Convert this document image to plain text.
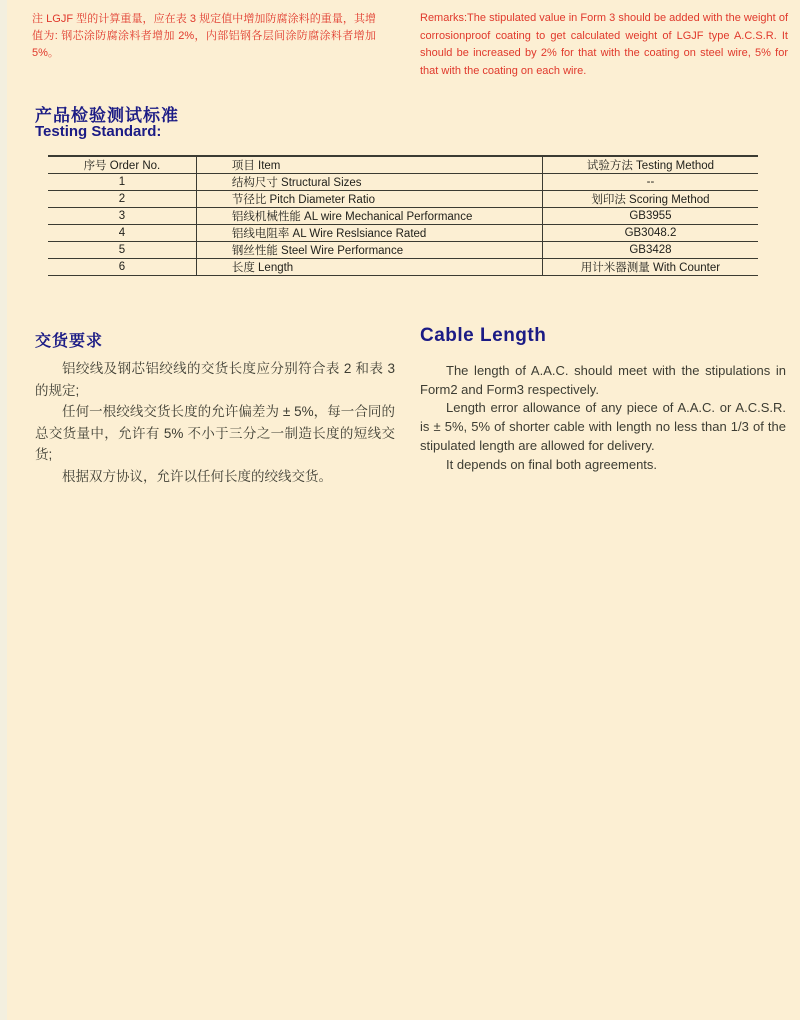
注 LGJF 型的计算重量，应在表 3 规定值中增加防腐涂料的重量，其增值为: 钢芯涂防腐涂料者增加 2%，内部铝钢各层间涂防腐涂料者增加 5%。
Remarks:The stipulated value in Form 3 should be added with the weight of corrosionproof coating to get calculated weight of LGJF type A.C.S.R. It should be increased by 2% for that with the coating on steel wire, 5% for that with the coating on each wire.
产品检验测试标准
Testing Standard:
序号 Order No.	项目 Item	试验方法 Testing Method
1	结构尺寸 Structural Sizes	--
2	节径比 Pitch Diameter Ratio	划印法 Scoring Method
3	铝线机械性能 AL wire Mechanical Performance	GB3955
4	铝线电阻率 AL Wire Reslsiance Rated	GB3048.2
5	钢丝性能 Steel Wire Performance	GB3428
6	长度 Length	用计米器测量 With Counter
交货要求

铝绞线及钢芯铝绞线的交货长度应分别符合表 2 和表 3 的规定;

任何一根绞线交货长度的允许偏差为 ± 5%，每一合同的总交货量中，允许有 5% 不小于三分之一制造长度的短线交货;

根据双方协议，允许以任何长度的绞线交货。

Cable Length

The length of A.A.C. should meet with the stipulations in Form2 and Form3 respectively.

Length error allowance of any piece of A.A.C. or A.C.S.R. is ± 5%, 5% of shorter cable with length no less than 1/3 of the stipulated length are allowed for delivery.

It depends on final both agreements.
